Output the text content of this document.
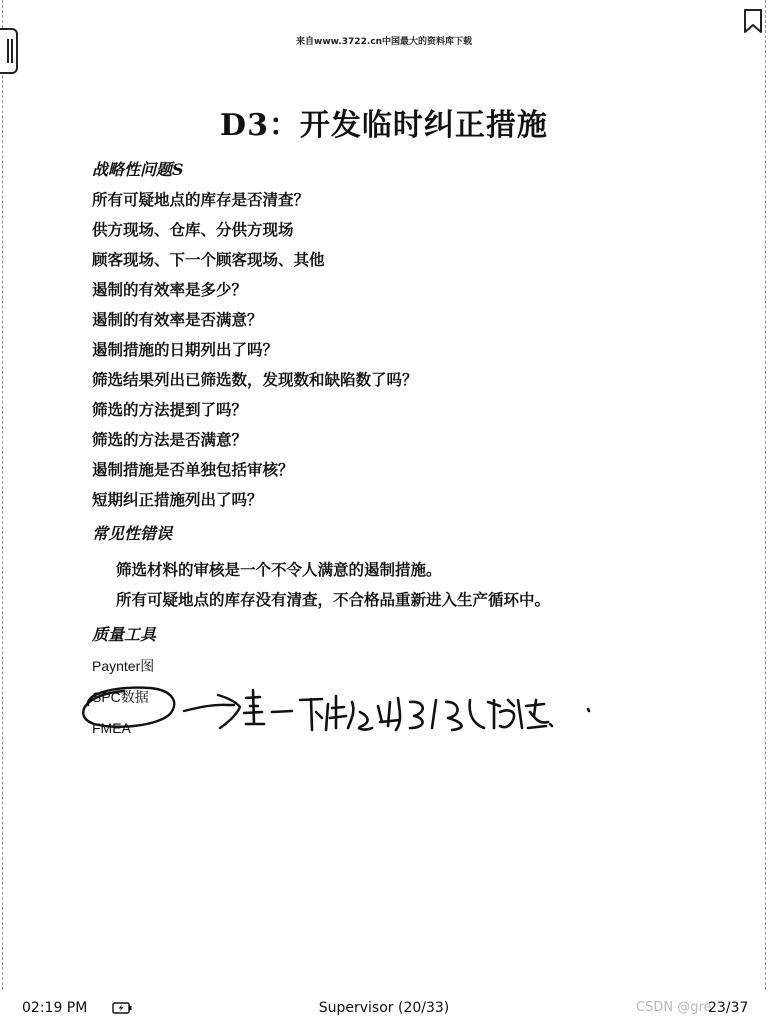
来自www.3722.cn中国最大的资料库下载
D3：开发临时纠正措施
战略性问题S
所有可疑地点的库存是否清查？
供方现场、仓库、分供方现场
顾客现场、下一个顾客现场、其他
遏制的有效率是多少？
遏制的有效率是否满意？
遏制措施的日期列出了吗？
筛选结果列出已筛选数，发现数和缺陷数了吗？
筛选的方法提到了吗？
筛选的方法是否满意？
遏制措施是否单独包括审核？
短期纠正措施列出了吗？
常见性错误
筛选材料的审核是一个不令人满意的遏制措施。
所有可疑地点的库存没有清查，不合格品重新进入生产循环中。
质量工具
Paynter图
SPC数据
FMEA
02:19 PM	Supervisor (20/33)	CSDN @gre
23/37
